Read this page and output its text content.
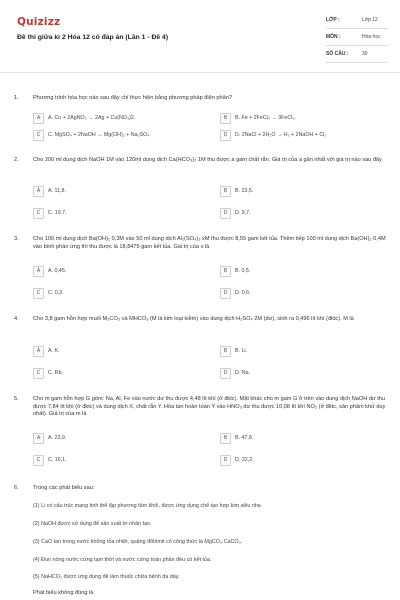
Quizizz
Đề thi giữa kì 2 Hóa 12 có đáp án (Lần 1 - Đề 4)
LỚP :	Lớp 12
MÔN :	Hóa học
SỐ CÂU :	30
1.	Phương trình hóa học nào sau đây chỉ thực hiện bằng phương pháp điện phân?
A	A. Cu + 2AgNO₃ → 2Ag + Cu(NO₃)2.	B	B. Fe + 2FeCl₃ → 3FeCl₂.
C	C. MgSO₄ + 2NaOH → Mg(OH)₂ + Na₂SO₄	D	D. 2NaCl + 2H₂O → H₂ + 2NaOH + Cl₂
2.	Cho 200 ml dung dịch NaOH 1M vào 120ml dung dịch Ca(HCO₃)₂ 1M thu được a gam chất rắn. Giá trị của a gần nhất với giá trị nào sau đây
A	A. 11,8.	B	B. 23,5.
C	C. 19,7.	D	D. 9,7.
3.	Cho 100 ml dung dịch Ba(OH)₂ 0,3M vào 50 ml dung dịch Al₂(SO₄)₃ xM thu được 8,55 gam kết tủa. Thêm tiếp 100 ml dung dịch Ba(OH)₂ 0,4M vào bình phản ứng thì thu được là 18,8475 gam kết tủa. Giá trị của x là
A	A. 0,45.	B	B. 0,5.
C	C. 0,3.	D	D. 0,6.
4.	Cho 3,8 gam hỗn hợp muối M₂CO₃ và MHCO₃ (M là kim loại kiềm) vào dung dịch H₂SO₄ 2M (dư), sinh ra 0,496 lít khí (đktc). M là
A	A. K.	B	B. Li.
C	C. Rb.	D	D. Na.
5.	Cho m gam hỗn hợp G gồm: Na, Al, Fe vào nước dư thu được 4,48 lít khí (ở đktc). Mặt khác cho m gam G ở trên vào dung dịch NaOH dư thu được 7,84 lít khí (ở đktc) và dung dịch X, chất rắn Y. Hòa tan hoàn toàn Y vào HNO₃ dư thu được 10,08 lít khí NO₂ (ở đktc, sản phẩm khử duy nhất). Giá trị của m là
A	A. 23,9.	B	B. 47,8.
C	C. 16,1.	D	D. 32,2.
6.	Trong các phát biểu sau:
(1) Li có cấu trúc mạng tinh thể lập phương tâm khối, được ứng dụng chế tạo hợp kim siêu nhẹ.
(2) NaOH được sử dụng để sản xuất tơ nhân tạo.
(3) CaO tan trong nước không tỏa nhiệt, quặng đôlômit có công thức là MgCO₃.CaCO₃.
(4) Đun nóng nước cứng tạm thời và nước cứng toàn phần đều có kết tủa.
(5) NaHCO₃ được ứng dụng để làm thuốc chữa bệnh dạ dày.
Phát biểu không đúng là
